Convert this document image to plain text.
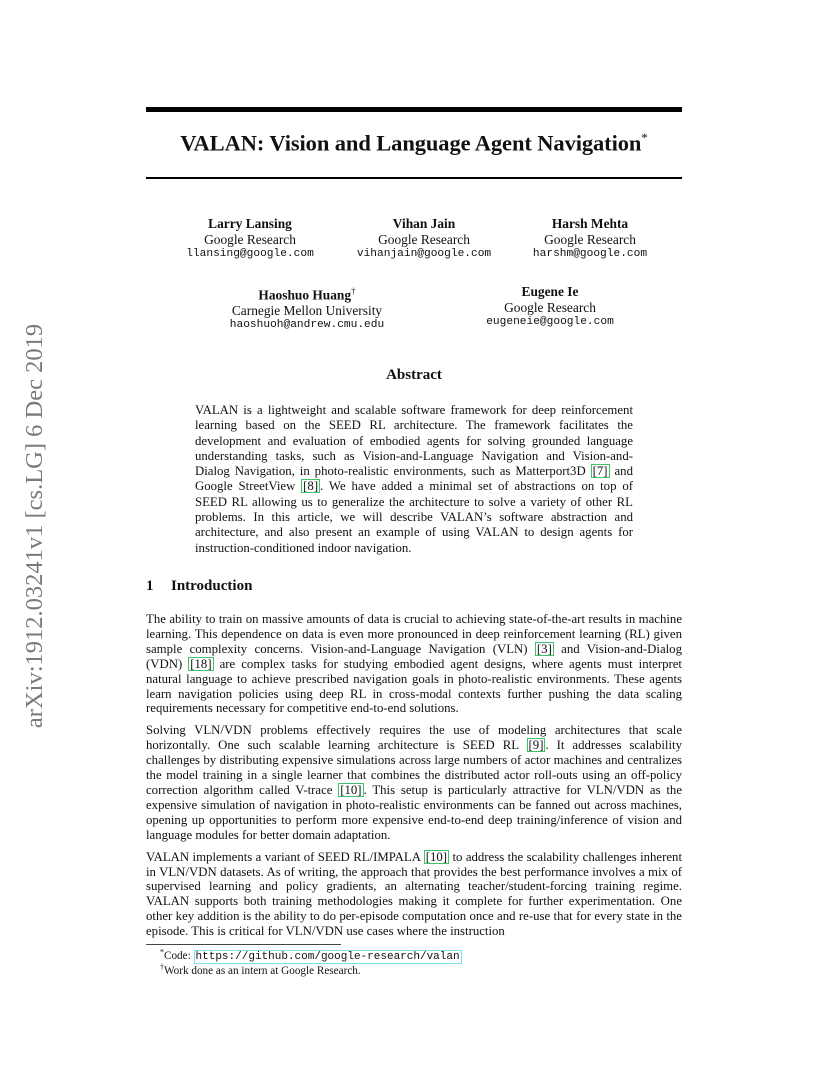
VALAN: Vision and Language Agent Navigation*
arXiv:1912.03241v1 [cs.LG] 6 Dec 2019
Larry Lansing
Google Research
llansing@google.com
Vihan Jain
Google Research
vihanjain@google.com
Harsh Mehta
Google Research
harshm@google.com
Haoshuo Huang†
Carnegie Mellon University
haoshuoh@andrew.cmu.edu
Eugene Ie
Google Research
eugeneie@google.com
Abstract
VALAN is a lightweight and scalable software framework for deep reinforcement learning based on the SEED RL architecture. The framework facilitates the development and evaluation of embodied agents for solving grounded language understanding tasks, such as Vision-and-Language Navigation and Vision-and-Dialog Navigation, in photo-realistic environments, such as Matterport3D [7] and Google StreetView [8] . We have added a minimal set of abstractions on top of SEED RL allowing us to generalize the architecture to solve a variety of other RL problems. In this article, we will describe VALAN’s software abstraction and architecture, and also present an example of using VALAN to design agents for instruction-conditioned indoor navigation.
1 Introduction

The ability to train on massive amounts of data is crucial to achieving state-of-the-art results in machine learning. This dependence on data is even more pronounced in deep reinforcement learning (RL) given sample complexity concerns. Vision-and-Language Navigation (VLN) [3] and Vision-and-Dialog (VDN) [18] are complex tasks for studying embodied agent designs, where agents must interpret natural language to achieve prescribed navigation goals in photo-realistic environments. These agents learn navigation policies using deep RL in cross-modal contexts further pushing the data scaling requirements necessary for competitive end-to-end solutions.

Solving VLN/VDN problems effectively requires the use of modeling architectures that scale horizontally. One such scalable learning architecture is SEED RL [9] . It addresses scalability challenges by distributing expensive simulations across large numbers of actor machines and centralizes the model training in a single learner that combines the distributed actor roll-outs using an off-policy correction algorithm called V-trace [10] . This setup is particularly attractive for VLN/VDN as the expensive simulation of navigation in photo-realistic environments can be fanned out across machines, opening up opportunities to perform more expensive end-to-end deep training/inference of vision and language modules for better domain adaptation.

VALAN implements a variant of SEED RL/IMPALA [10] to address the scalability challenges inherent in VLN/VDN datasets. As of writing, the approach that provides the best performance involves a mix of supervised learning and policy gradients, an alternating teacher/student-forcing training regime. VALAN supports both training methodologies making it complete for further experimentation. One other key addition is the ability to do per-episode computation once and re-use that for every state in the episode. This is critical for VLN/VDN use cases where the instruction

*Code: https://github.com/google-research/valan
†Work done as an intern at Google Research.
